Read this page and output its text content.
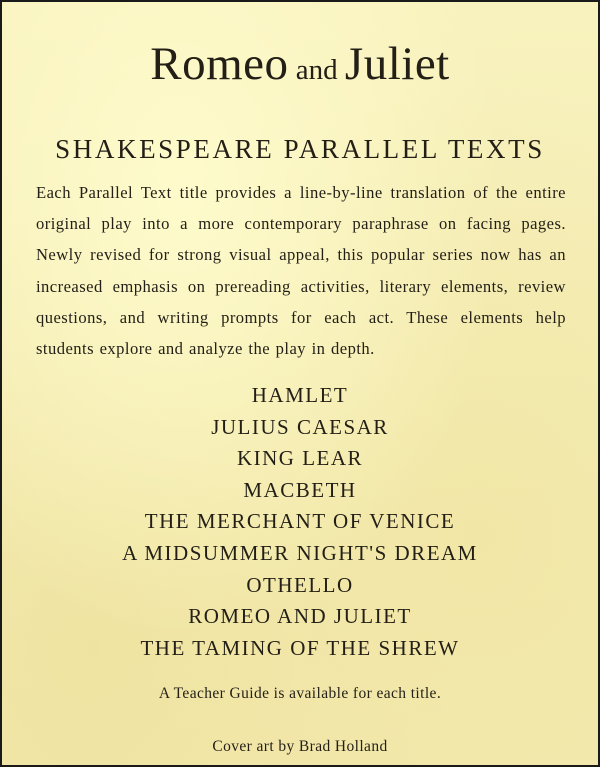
Romeo and Juliet
SHAKESPEARE PARALLEL TEXTS

Each Parallel Text title provides a line-by-line translation of the entire original play into a more contemporary paraphrase on facing pages. Newly revised for strong visual appeal, this popular series now has an increased emphasis on prereading activities, literary elements, review questions, and writing prompts for each act. These elements help students explore and analyze the play in depth.

HAMLET
JULIUS CAESAR
KING LEAR
MACBETH
THE MERCHANT OF VENICE
A MIDSUMMER NIGHT'S DREAM
OTHELLO
ROMEO AND JULIET
THE TAMING OF THE SHREW
A Teacher Guide is available for each title.
Cover art by Brad Holland
